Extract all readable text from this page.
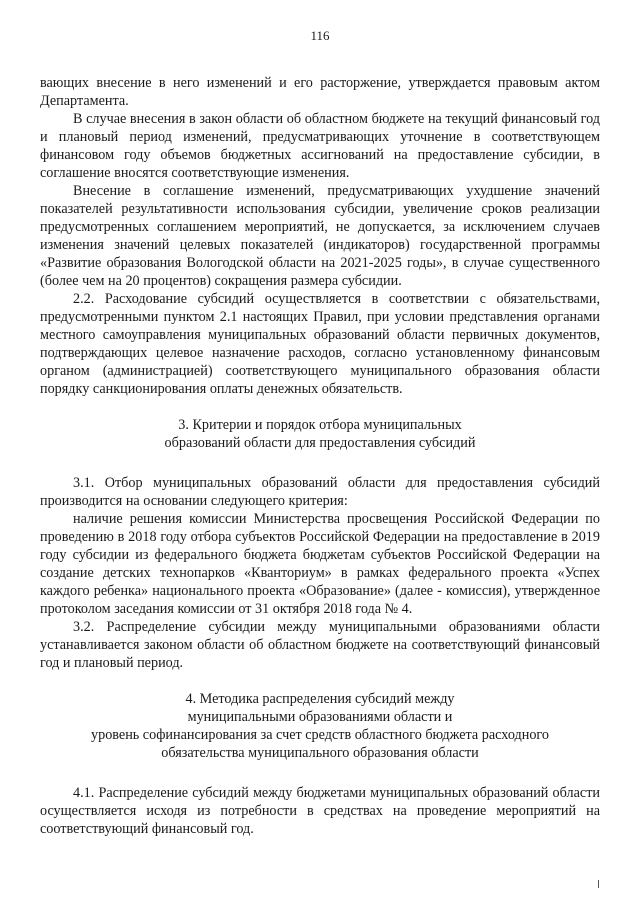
116

вающих внесение в него изменений и его расторжение, утверждается правовым актом Департамента.

В случае внесения в закон области об областном бюджете на текущий финансовый год и плановый период изменений, предусматривающих уточнение в соответствующем финансовом году объемов бюджетных ассигнований на предоставление субсидии, в соглашение вносятся соответствующие изменения.

Внесение в соглашение изменений, предусматривающих ухудшение значений показателей результативности использования субсидии, увеличение сроков реализации предусмотренных соглашением мероприятий, не допускается, за исключением случаев изменения значений целевых показателей (индикаторов) государственной программы «Развитие образования Вологодской области на 2021-2025 годы», в случае существенного (более чем на 20 процентов) сокращения размера субсидии.

2.2. Расходование субсидий осуществляется в соответствии с обязательствами, предусмотренными пунктом 2.1 настоящих Правил, при условии представления органами местного самоуправления муниципальных образований области первичных документов, подтверждающих целевое назначение расходов, согласно установленному финансовым органом (администрацией) соответствующего муниципального образования области порядку санкционирования оплаты денежных обязательств.

3. Критерии и порядок отбора муниципальных
образований области для предоставления субсидий

3.1. Отбор муниципальных образований области для предоставления субсидий производится на основании следующего критерия:

наличие решения комиссии Министерства просвещения Российской Федерации по проведению в 2018 году отбора субъектов Российской Федерации на предоставление в 2019 году субсидии из федерального бюджета бюджетам субъектов Российской Федерации на создание детских технопарков «Кванториум» в рамках федерального проекта «Успех каждого ребенка» национального проекта «Образование» (далее - комиссия), утвержденное протоколом заседания комиссии от 31 октября 2018 года № 4.

3.2. Распределение субсидии между муниципальными образованиями области устанавливается законом области об областном бюджете на соответствующий финансовый год и плановый период.

4. Методика распределения субсидий между
муниципальными образованиями области и
уровень софинансирования за счет средств областного бюджета расходного
обязательства муниципального образования области

4.1. Распределение субсидий между бюджетами муниципальных образований области осуществляется исходя из потребности в средствах на проведение мероприятий на соответствующий финансовый год.
